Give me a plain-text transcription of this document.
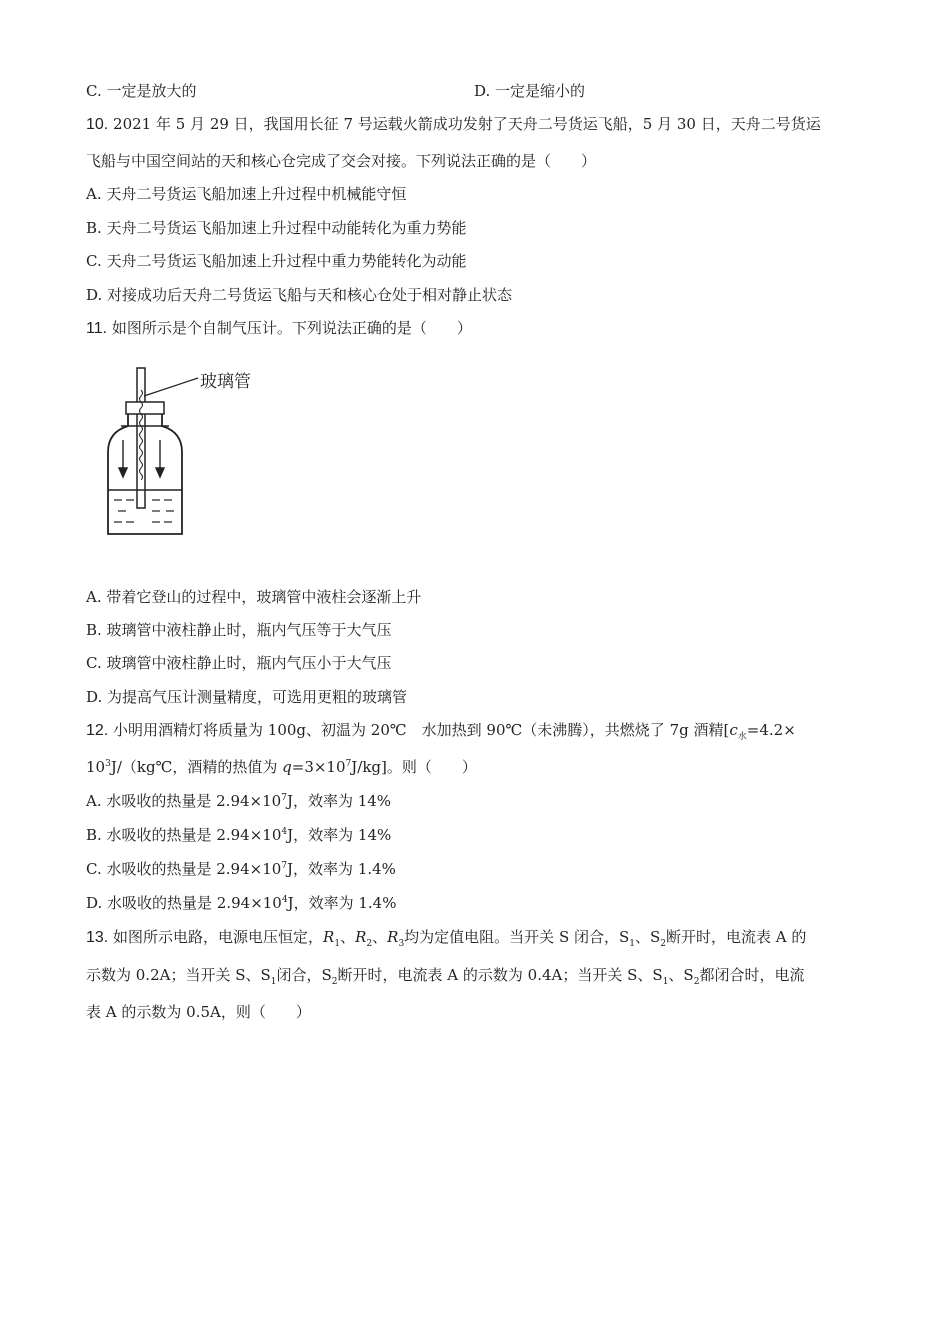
C. 一定是放大的	D. 一定是缩小的
10. 2021 年 5 月 29 日，我国用长征 7 号运载火箭成功发射了天舟二号货运飞船，5 月 30 日，天舟二号货运
飞船与中国空间站的天和核心仓完成了交会对接。下列说法正确的是（　　）
A. 天舟二号货运飞船加速上升过程中机械能守恒
B. 天舟二号货运飞船加速上升过程中动能转化为重力势能
C. 天舟二号货运飞船加速上升过程中重力势能转化为动能
D. 对接成功后天舟二号货运飞船与天和核心仓处于相对静止状态
11. 如图所示是个自制气压计。下列说法正确的是（　　）
玻璃管
A. 带着它登山的过程中，玻璃管中液柱会逐渐上升
B. 玻璃管中液柱静止时，瓶内气压等于大气压
C. 玻璃管中液柱静止时，瓶内气压小于大气压
D. 为提高气压计测量精度，可选用更粗的玻璃管
12. 小明用酒精灯将质量为 100g、初温为 20℃　水加热到 90℃（未沸腾），共燃烧了 7g 酒精[$c_水=4.2\times$
$10^3J/(kg℃$，酒精的热值为 $q=3\times 10^7J/kg$]。则（　　）
A. 水吸收的热量是 $2.94\times 10^7J$，效率为 14%
B. 水吸收的热量是 $2.94\times 10^4J$，效率为 14%
C. 水吸收的热量是 $2.94\times 10^7J$，效率为 1.4%
D. 水吸收的热量是 $2.94\times 10^4J$，效率为 1.4%
13. 如图所示电路，电源电压恒定，$R_1$、$R_2$、$R_3$均为定值电阻。当开关 S 闭合，$S_1$、$S_2$断开时，电流表 A 的
示数为 0.2A；当开关 S、$S_1$闭合，$S_2$断开时，电流表 A 的示数为 0.4A；当开关 S、$S_1$、$S_2$都闭合时，电流
表 A 的示数为 0.5A，则（　　）
